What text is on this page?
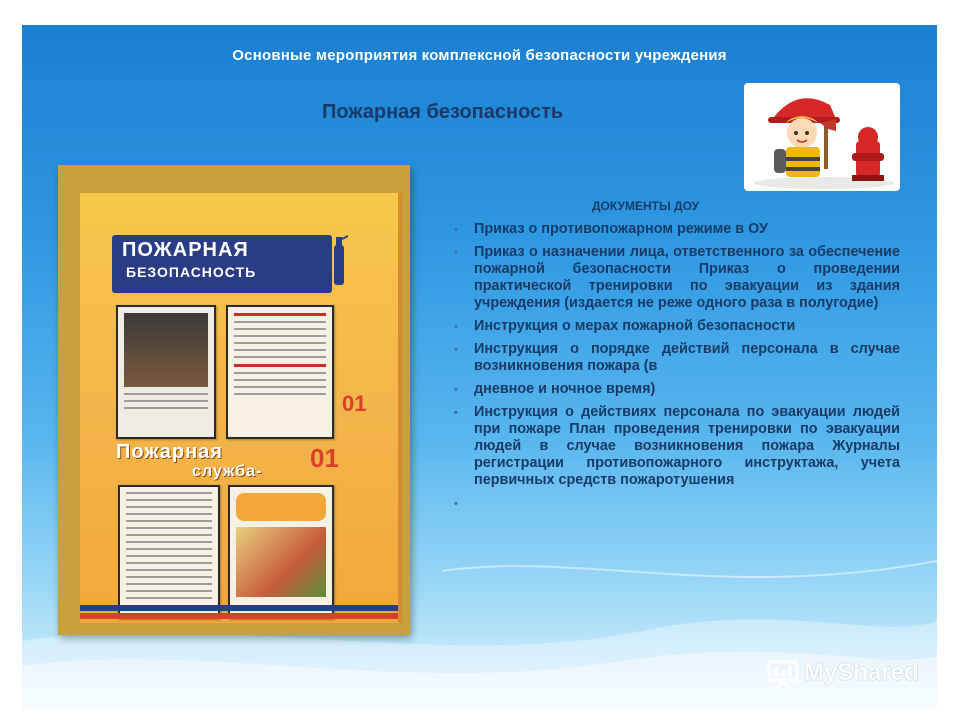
Основные мероприятия комплексной безопасности учреждения
Пожарная безопасность
ПОЖАРНАЯ
БЕЗОПАСНОСТЬ
01
Пожарная
служба- 01
ДОКУМЕНТЫ ДОУ
• Приказ о противопожарном режиме в ОУ
• Приказ о назначении лица, ответственного за обеспечение пожарной безопасности Приказ о проведении практической тренировки по эвакуации из здания учреждения (издается не реже одного раза в полугодие)
• Инструкция о мерах пожарной безопасности
• Инструкция о порядке действий персонала в случае возникновения пожара (в
• дневное и ночное время)
• Инструкция о действиях персонала по эвакуации людей при пожаре План проведения тренировки по эвакуации людей в случае возникновения пожара Журналы регистрации противопожарного инструктажа, учета первичных средств пожаротушения
•
MyShared
